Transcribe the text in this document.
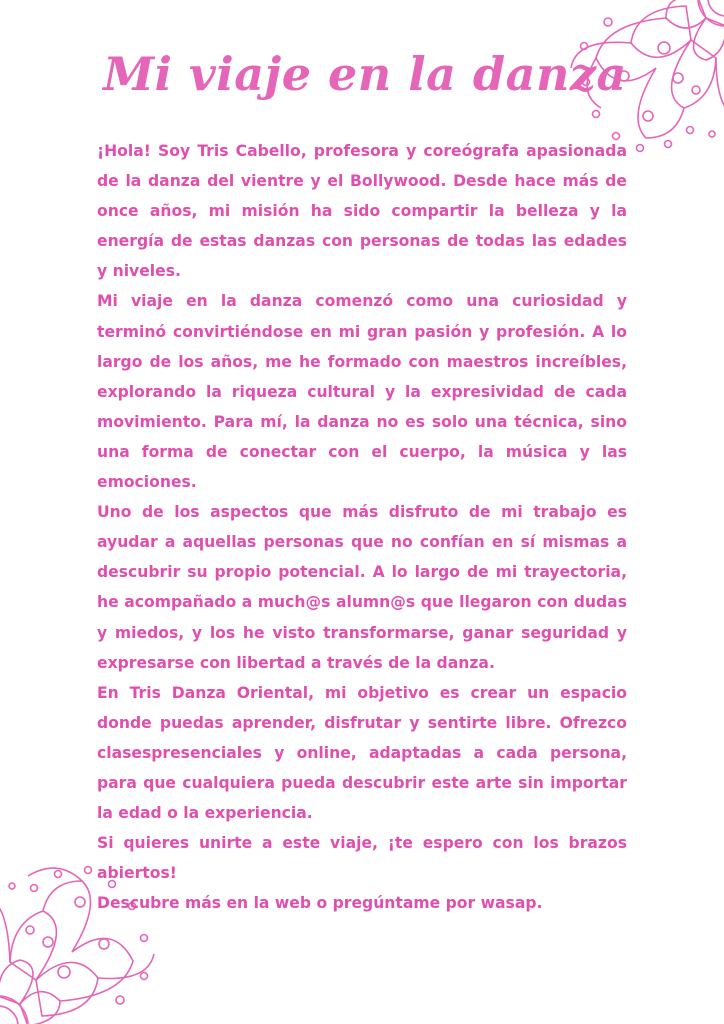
Mi viaje en la danza

¡Hola! Soy Tris Cabello, profesora y coreógrafa apasionada de la danza del vientre y el Bollywood. Desde hace más de once años, mi misión ha sido compartir la belleza y la energía de estas danzas con personas de todas las edades y niveles.

Mi viaje en la danza comenzó como una curiosidad y terminó convirtiéndose en mi gran pasión y profesión. A lo largo de los años, me he formado con maestros increíbles, explorando la riqueza cultural y la expresividad de cada movimiento. Para mí, la danza no es solo una técnica, sino una forma de conectar con el cuerpo, la música y las emociones.

Uno de los aspectos que más disfruto de mi trabajo es ayudar a aquellas personas que no confían en sí mismas a descubrir su propio potencial. A lo largo de mi trayectoria, he acompañado a much@s alumn@s que llegaron con dudas y miedos, y los he visto transformarse, ganar seguridad y expresarse con libertad a través de la danza.

En Tris Danza Oriental, mi objetivo es crear un espacio donde puedas aprender, disfrutar y sentirte libre. Ofrezco clasespresenciales y online, adaptadas a cada persona, para que cualquiera pueda descubrir este arte sin importar la edad o la experiencia.

Si quieres unirte a este viaje, ¡te espero con los brazos abiertos!

Descubre más en la web o pregúntame por wasap.
